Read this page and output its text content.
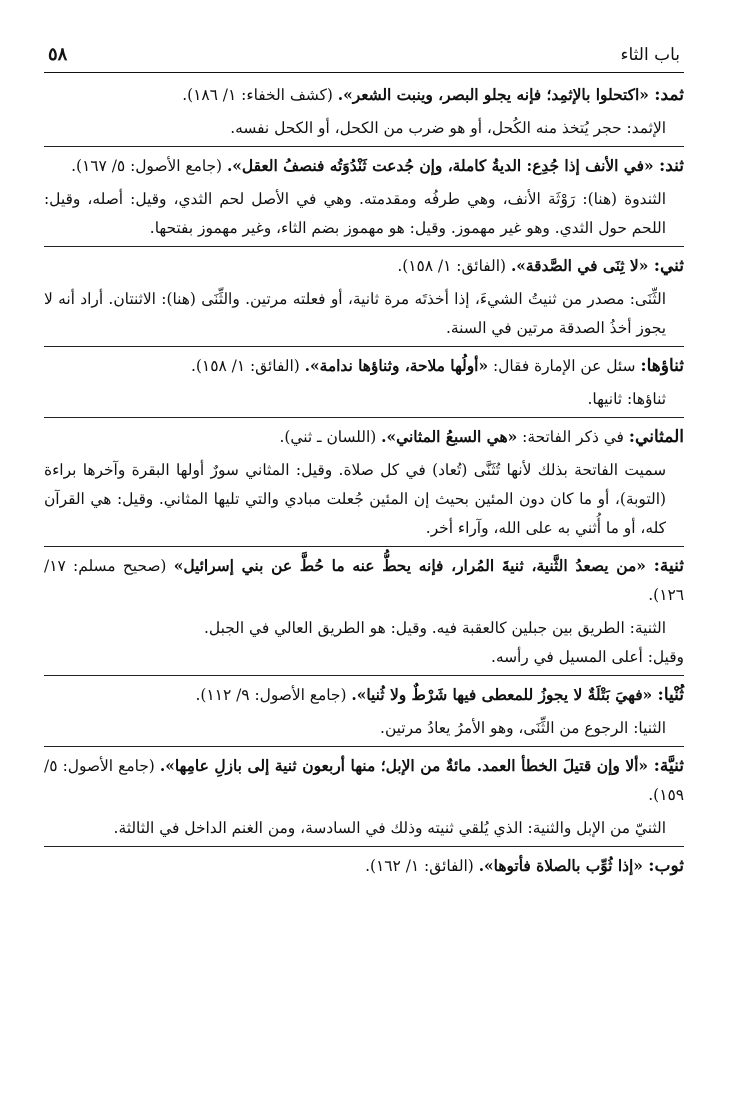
باب الثاء
٥٨

ثمد: «اكتحلوا بالإثمِد؛ فإنه يجلو البصر، وينبت الشعر». (كشف الخفاء: ١/ ١٨٦).

الإثمد: حجر يُتخذ منه الكُحل، أو هو ضرب من الكحل، أو الكحل نفسه.

ثند: «في الأنف إذا جُدِع: الديةُ كاملة، وإن جُدعت ثَنْدُوَتُه فنصفُ العقل». (جامع الأصول: ٥/ ١٦٧).

الثندوة (هنا): رَوْثَة الأنف، وهي طرفُه ومقدمته. وهي في الأصل لحم الثدي، وقيل: أصله، وقيل: اللحم حول الثدي. وهو غير مهموز. وقيل: هو مهموز بضم الثاء، وغير مهموز بفتحها.

ثني: «لا ثِنَى في الصَّدقة». (الفائق: ١/ ١٥٨).

الثِّنَى: مصدر من ثنيتُ الشيءَ، إذا أخذتَه مرة ثانية، أو فعلته مرتين. والثِّنَى (هنا): الاثنتان. أراد أنه لا يجوز أخذُ الصدقة مرتين في السنة.

ثناؤها: سئل عن الإمارة فقال: «أولُها ملاحة، وثناؤها ندامة». (الفائق: ١/ ١٥٨).

ثناؤها: ثانيها.

المثاني: في ذكر الفاتحة: «هي السبعُ المثاني». (اللسان ـ ثني).

سميت الفاتحة بذلك لأنها تُثَنَّى (تُعاد) في كل صلاة. وقيل: المثاني سورٌ أولها البقرة وآخرها براءة (التوبة)، أو ما كان دون المئين بحيث إن المئين جُعلت مبادي والتي تليها المثاني. وقيل: هي القرآن كله، أو ما أُثني به على الله، وآراء أخر.

ثنية: «من يصعدُ الثَّنية، ثنيةَ المُرار، فإنه يحطُّ عنه ما حُطَّ عن بني إسرائيل» (صحيح مسلم: ١٧/ ١٢٦).

الثنية: الطريق بين جبلين كالعقبة فيه. وقيل: هو الطريق العالي في الجبل.

وقيل: أعلى المسيل في رأسه.

ثُنْيا: «فهيَ بَتْلَةٌ لا يجوزُ للمعطى فيها شَرْطٌ ولا ثُنيا». (جامع الأصول: ٩/ ١١٢).

الثنيا: الرجوع من الثِّنَى، وهو الأمرُ يعادُ مرتين.

ثنيَّة: «ألا وإن قتيلَ الخطأ العمد. مائةٌ من الإبل؛ منها أربعون ثنية إلى بازلِ عامِها». (جامع الأصول: ٥/ ١٥٩).

الثنيّ من الإبل والثنية: الذي يُلقي ثنيته وذلك في السادسة، ومن الغنم الداخل في الثالثة.

ثوب: «إذا ثُوِّب بالصلاة فأتوها». (الفائق: ١/ ١٦٢).
